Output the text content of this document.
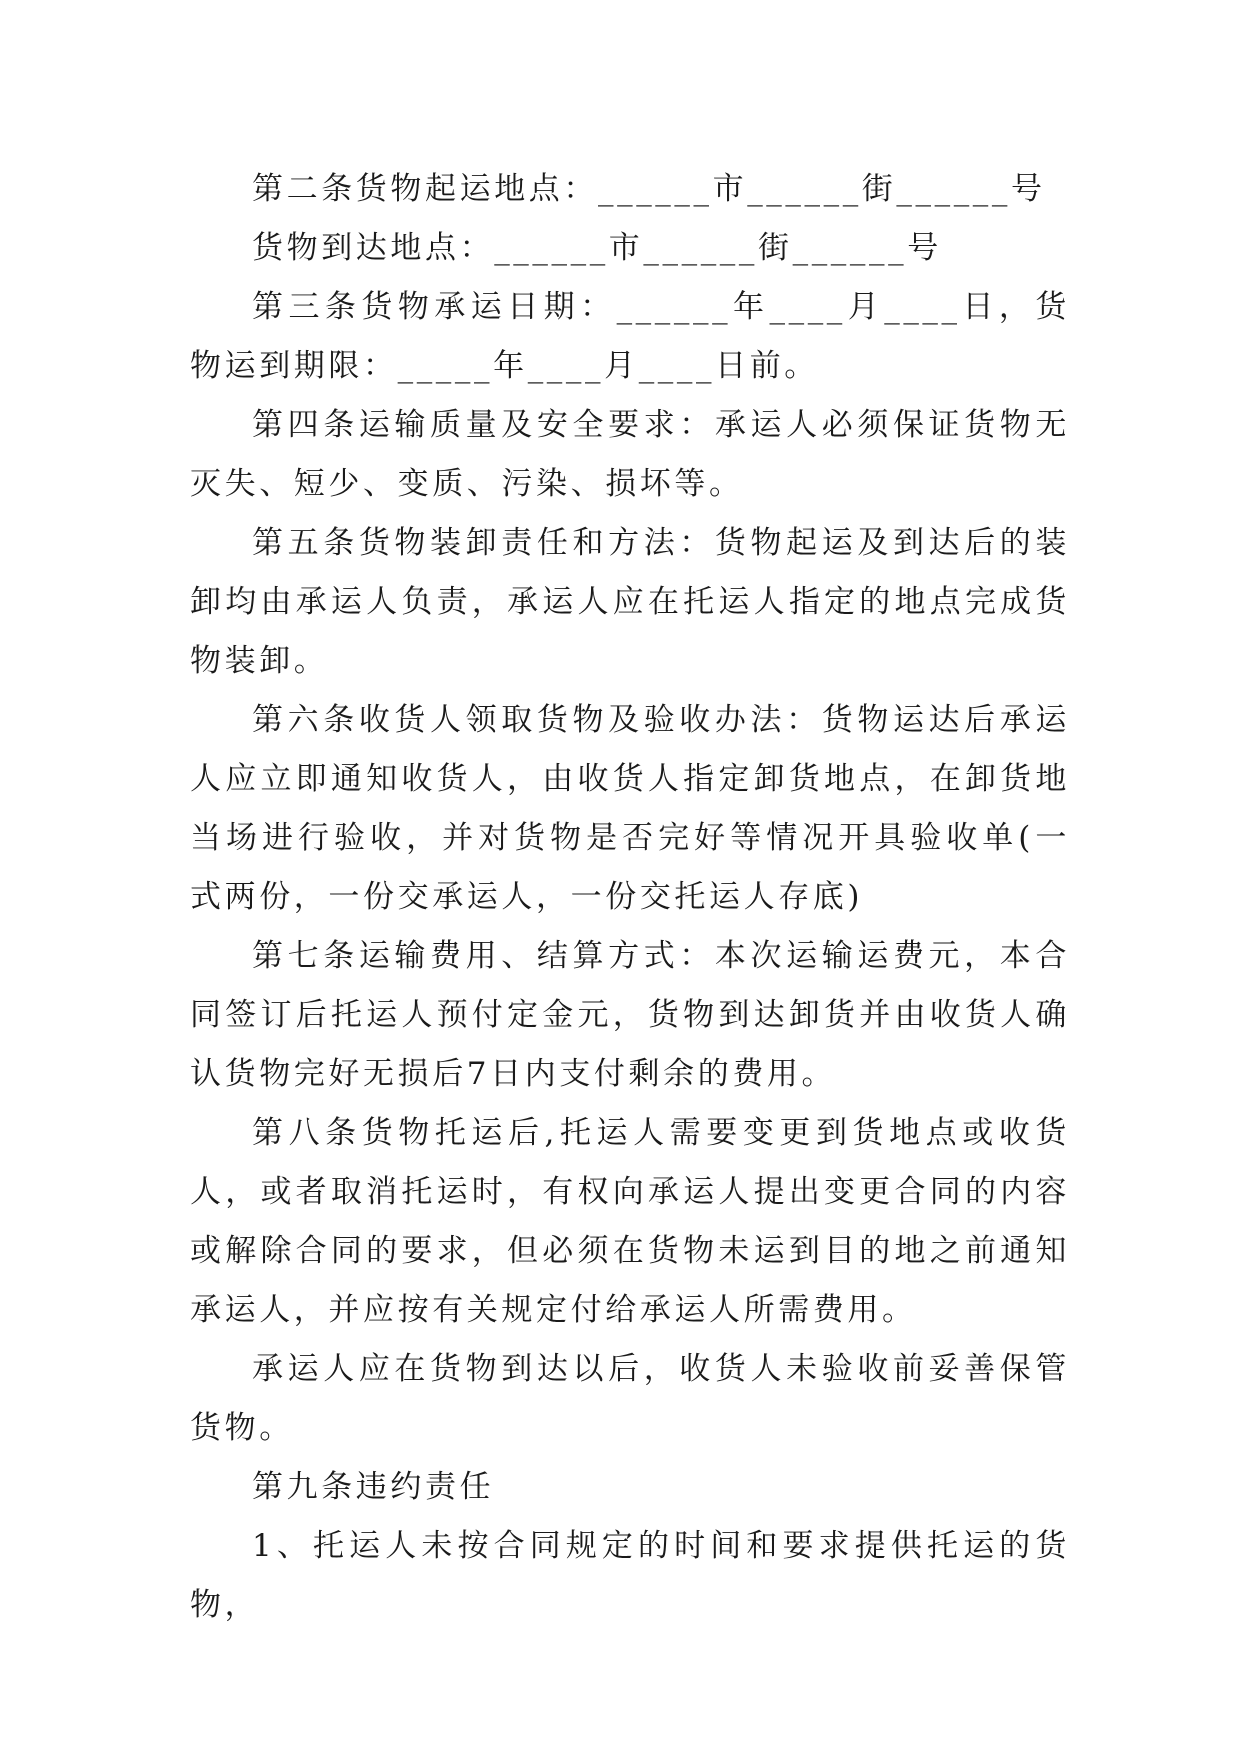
第二条货物起运地点：______市______街______号

货物到达地点：______市______街______号

第三条货物承运日期：______年____月____日，货物运到期限：_____年____月____日前。

第四条运输质量及安全要求：承运人必须保证货物无灭失、短少、变质、污染、损坏等。

第五条货物装卸责任和方法：货物起运及到达后的装卸均由承运人负责，承运人应在托运人指定的地点完成货物装卸。

第六条收货人领取货物及验收办法：货物运达后承运人应立即通知收货人，由收货人指定卸货地点，在卸货地当场进行验收，并对货物是否完好等情况开具验收单(一式两份，一份交承运人，一份交托运人存底)

第七条运输费用、结算方式：本次运输运费元，本合同签订后托运人预付定金元，货物到达卸货并由收货人确认货物完好无损后7日内支付剩余的费用。

第八条货物托运后,托运人需要变更到货地点或收货人，或者取消托运时，有权向承运人提出变更合同的内容或解除合同的要求，但必须在货物未运到目的地之前通知承运人，并应按有关规定付给承运人所需费用。

承运人应在货物到达以后，收货人未验收前妥善保管货物。

第九条违约责任

1、托运人未按合同规定的时间和要求提供托运的货物，
